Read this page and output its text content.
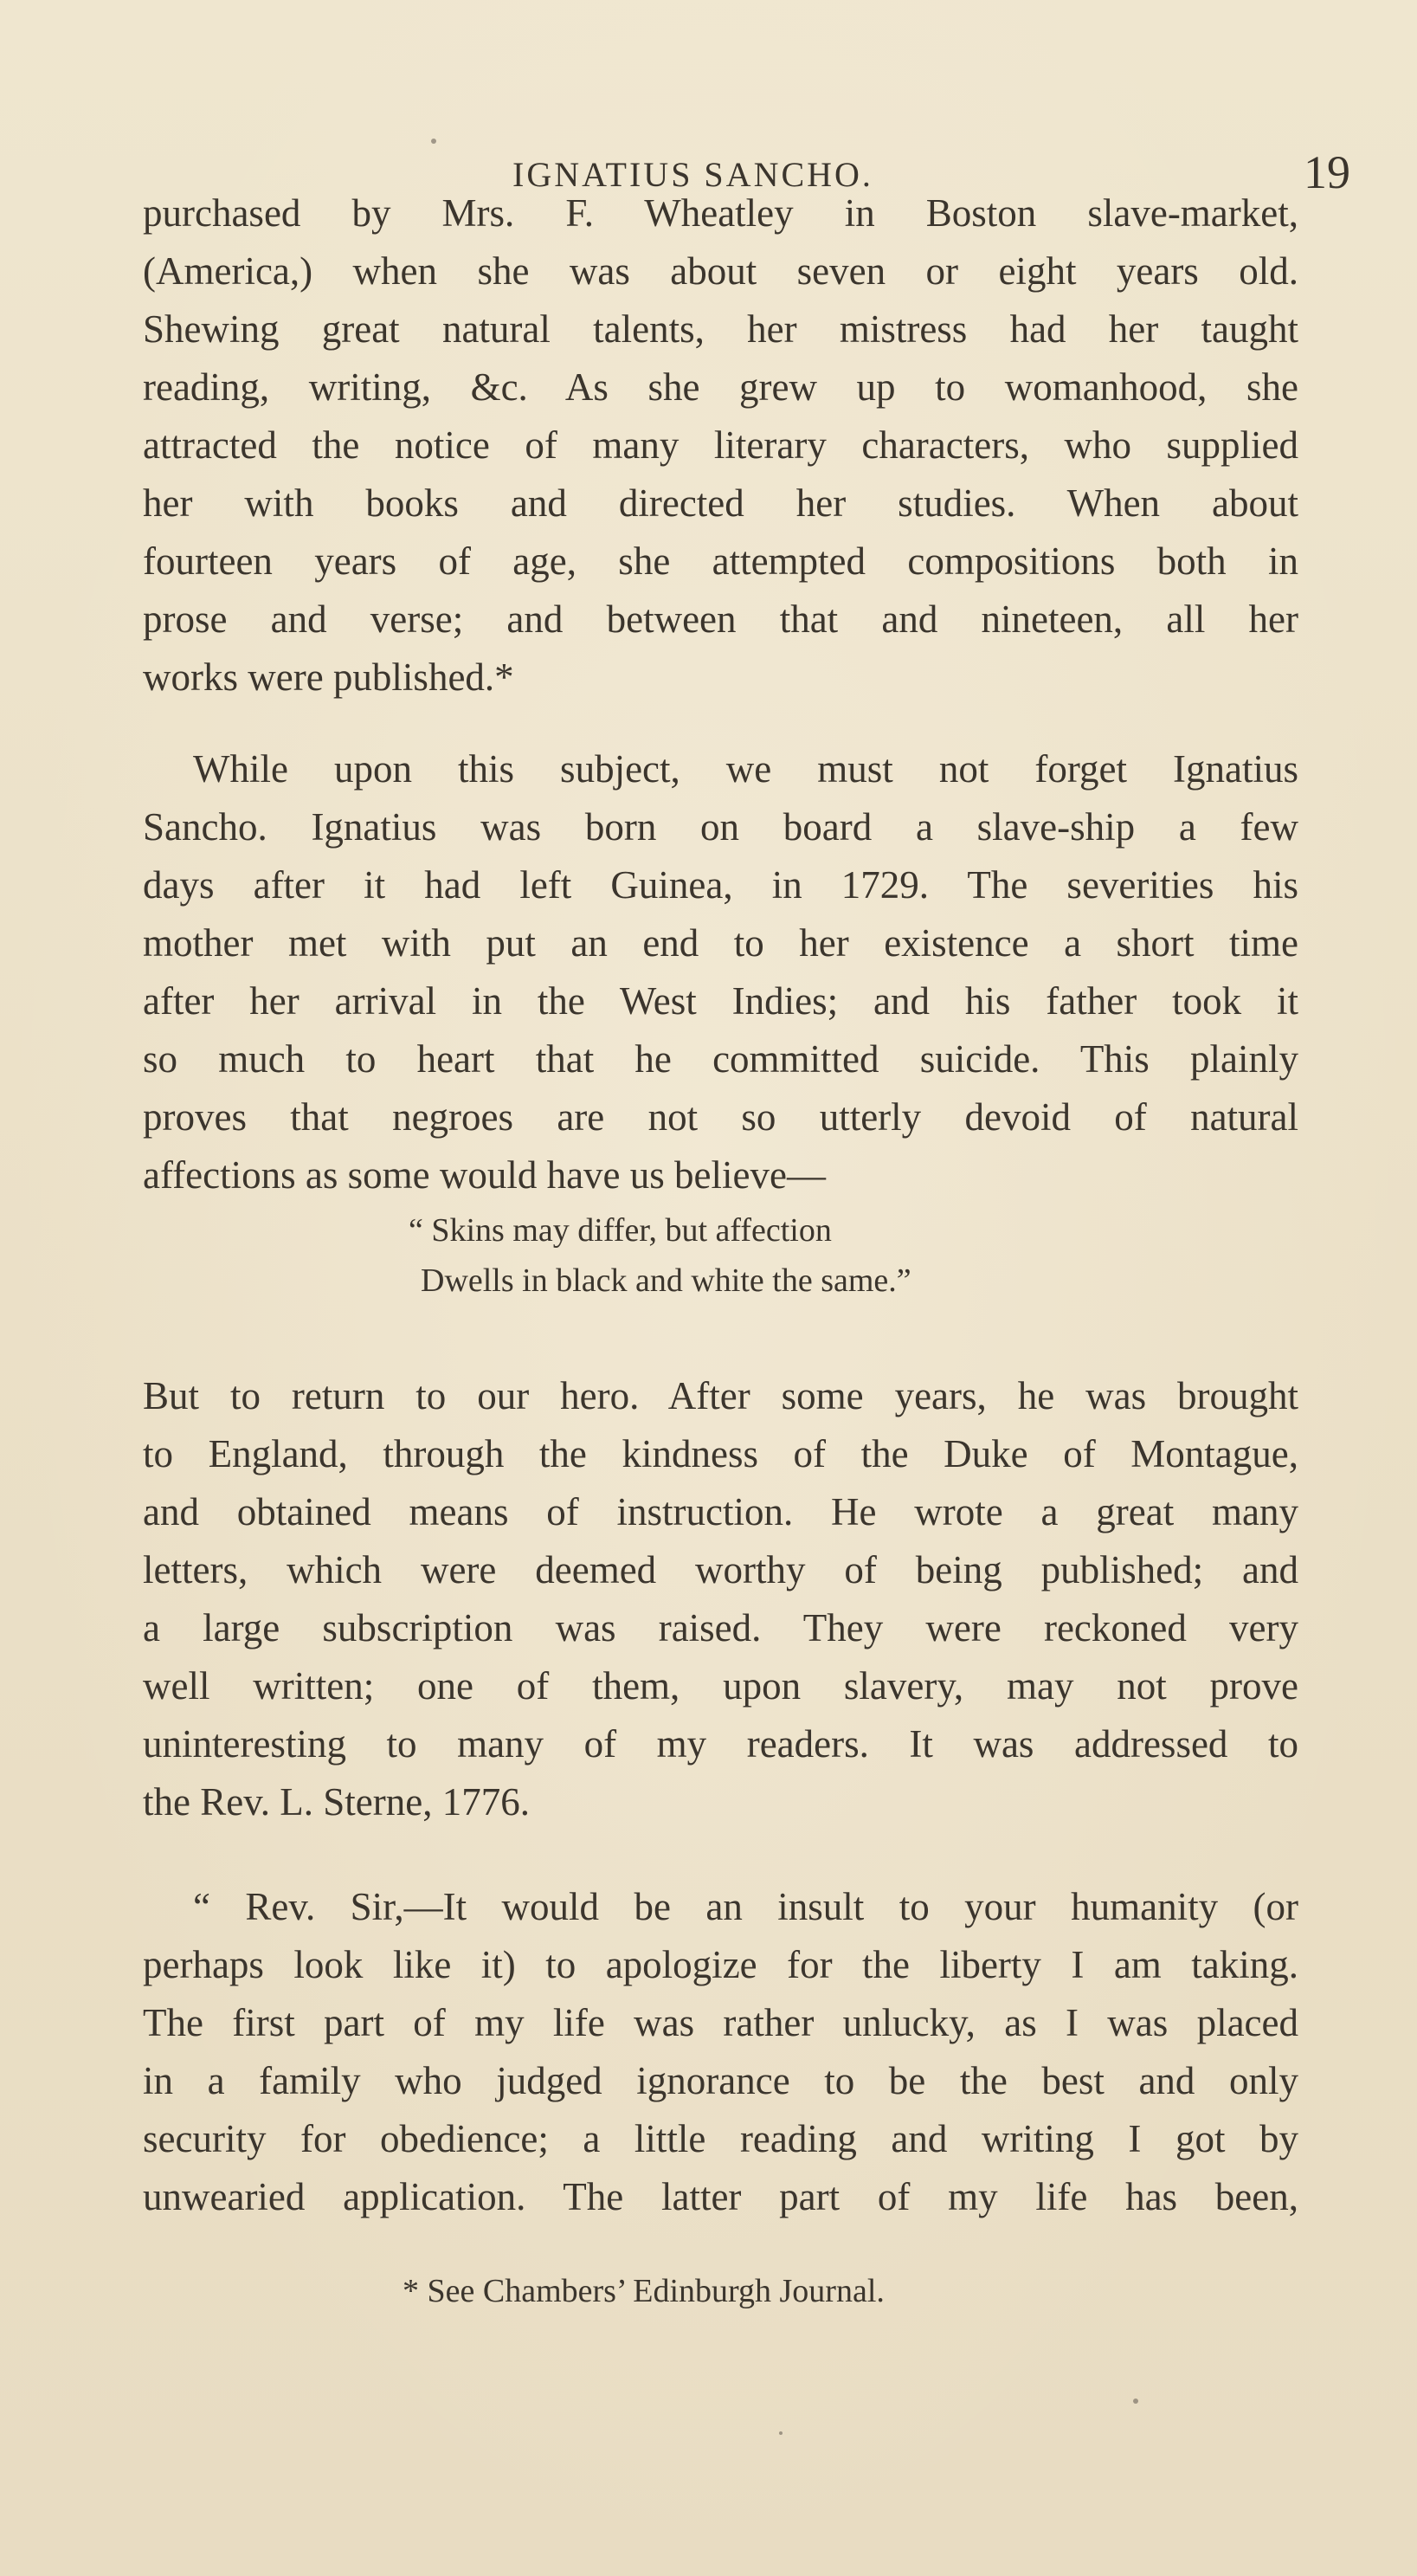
IGNATIUS SANCHO.	19
purchased by Mrs. F. Wheatley in Boston slave-market,
(America,) when she was about seven or eight years old.
Shewing great natural talents, her mistress had her taught
reading, writing, &c. As she grew up to womanhood, she
attracted the notice of many literary characters, who supplied
her with books and directed her studies. When about
fourteen years of age, she attempted compositions both in
prose and verse; and between that and nineteen, all her
works were published.*
While upon this subject, we must not forget Ignatius
Sancho. Ignatius was born on board a slave-ship a few
days after it had left Guinea, in 1729. The severities his
mother met with put an end to her existence a short time
after her arrival in the West Indies; and his father took it
so much to heart that he committed suicide. This plainly
proves that negroes are not so utterly devoid of natural
affections as some would have us believe—
“ Skins may differ, but affection
Dwells in black and white the same.”
But to return to our hero. After some years, he was brought
to England, through the kindness of the Duke of Montague,
and obtained means of instruction. He wrote a great many
letters, which were deemed worthy of being published; and
a large subscription was raised. They were reckoned very
well written; one of them, upon slavery, may not prove
uninteresting to many of my readers. It was addressed to
the Rev. L. Sterne, 1776.
“ Rev. Sir,—It would be an insult to your humanity (or
perhaps look like it) to apologize for the liberty I am taking.
The first part of my life was rather unlucky, as I was placed
in a family who judged ignorance to be the best and only
security for obedience; a little reading and writing I got by
unwearied application. The latter part of my life has been,
* See Chambers’ Edinburgh Journal.
